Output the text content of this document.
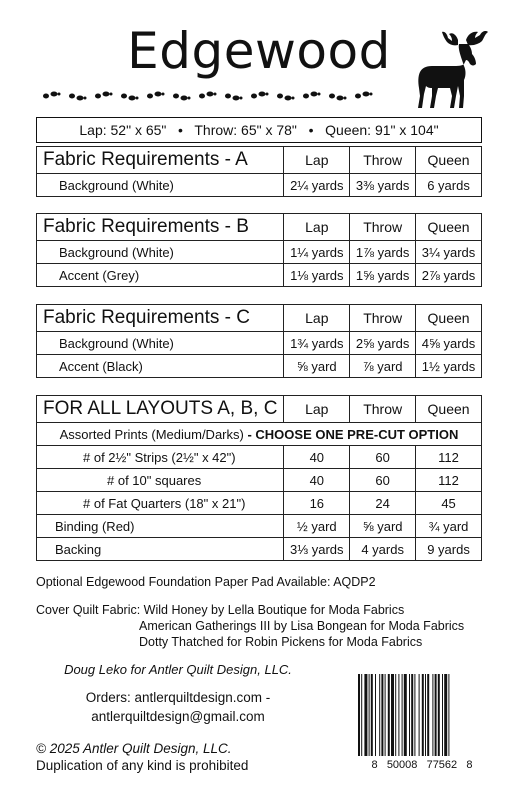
Edgewood
Lap: 52" x 65"   •   Throw: 65" x 78"   •   Queen: 91" x 104"
Fabric Requirements - A	Lap	Throw	Queen
Background (White)	2¼ yards	3⅜ yards	6 yards
Fabric Requirements - B	Lap	Throw	Queen
Background (White)	1¼ yards	1⅞ yards	3¼ yards
Accent (Grey)	1⅛ yards	1⅝ yards	2⅞ yards
Fabric Requirements - C	Lap	Throw	Queen
Background (White)	1¾ yards	2⅝ yards	4⅝ yards
Accent (Black)	⅝ yard	⅞ yard	1½ yards
FOR ALL LAYOUTS A, B, C	Lap	Throw	Queen
Assorted Prints (Medium/Darks) - CHOOSE ONE PRE-CUT OPTION			
# of 2½" Strips (2½" x 42")	40	60	112
# of 10" squares	40	60	112
# of Fat Quarters (18" x 21")	16	24	45
Binding (Red)	½ yard	⅝ yard	¾ yard
Backing	3⅓ yards	4 yards	9 yards
Optional Edgewood Foundation Paper Pad Available: AQDP2
Cover Quilt Fabric: Wild Honey by Lella Boutique for Moda Fabrics
American Gatherings III by Lisa Bongean for Moda Fabrics
Dotty Thatched for Robin Pickens for Moda Fabrics
Doug Leko for Antler Quilt Design, LLC.
Orders: antlerquiltdesign.com -
antlerquiltdesign@gmail.com
© 2025 Antler Quilt Design, LLC.
Duplication of any kind is prohibited	8   50008   77562   8
